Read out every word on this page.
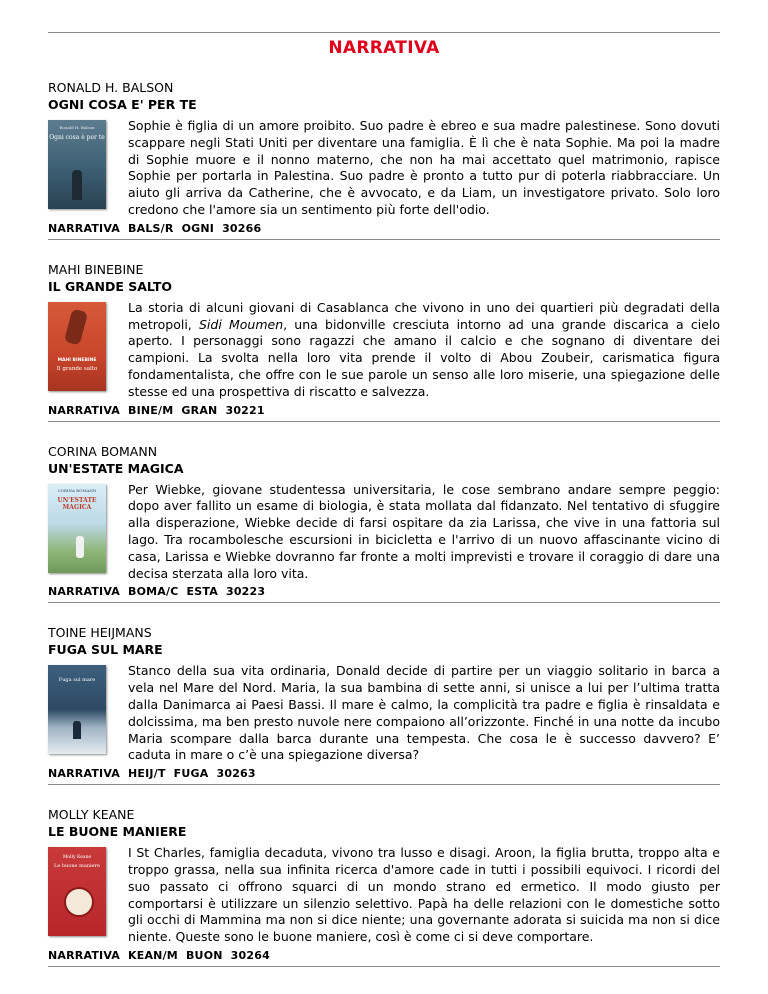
NARRATIVA
RONALD H. BALSON
OGNI COSA E' PER TE
Ronald H. Balson
Ogni cosa è per te
Sophie è figlia di un amore proibito. Suo padre è ebreo e sua madre palestinese. Sono dovuti scappare negli Stati Uniti per diventare una famiglia. È lì che è nata Sophie. Ma poi la madre di Sophie muore e il nonno materno, che non ha mai accettato quel matrimonio, rapisce Sophie per portarla in Palestina. Suo padre è pronto a tutto pur di poterla riabbracciare. Un aiuto gli arriva da Catherine, che è avvocato, e da Liam, un investigatore privato. Solo loro credono che l'amore sia un sentimento più forte dell'odio.
NARRATIVA BALS/R OGNI 30266
MAHI BINEBINE
IL GRANDE SALTO
MAHI BINEBINE
Il grande salto
La storia di alcuni giovani di Casablanca che vivono in uno dei quartieri più degradati della metropoli, Sidi Moumen, una bidonville cresciuta intorno ad una grande discarica a cielo aperto. I personaggi sono ragazzi che amano il calcio e che sognano di diventare dei campioni. La svolta nella loro vita prende il volto di Abou Zoubeir, carismatica figura fondamentalista, che offre con le sue parole un senso alle loro miserie, una spiegazione delle stesse ed una prospettiva di riscatto e salvezza.
NARRATIVA BINE/M GRAN 30221
CORINA BOMANN
UN'ESTATE MAGICA
CORINA BOMANN
UN'ESTATE MAGICA
Per Wiebke, giovane studentessa universitaria, le cose sembrano andare sempre peggio: dopo aver fallito un esame di biologia, è stata mollata dal fidanzato. Nel tentativo di sfuggire alla disperazione, Wiebke decide di farsi ospitare da zia Larissa, che vive in una fattoria sul lago. Tra rocambolesche escursioni in bicicletta e l'arrivo di un nuovo affascinante vicino di casa, Larissa e Wiebke dovranno far fronte a molti imprevisti e trovare il coraggio di dare una decisa sterzata alla loro vita.
NARRATIVA BOMA/C ESTA 30223
TOINE HEIJMANS
FUGA SUL MARE
Fuga sul mare
Stanco della sua vita ordinaria, Donald decide di partire per un viaggio solitario in barca a vela nel Mare del Nord. Maria, la sua bambina di sette anni, si unisce a lui per l’ultima tratta dalla Danimarca ai Paesi Bassi. Il mare è calmo, la complicità tra padre e figlia è rinsaldata e dolcissima, ma ben presto nuvole nere compaiono all’orizzonte. Finché in una notte da incubo Maria scompare dalla barca durante una tempesta. Che cosa le è successo davvero? E’ caduta in mare o c’è una spiegazione diversa?
NARRATIVA HEIJ/T FUGA 30263
MOLLY KEANE
LE BUONE MANIERE
Molly Keane
Le buone maniere
I St Charles, famiglia decaduta, vivono tra lusso e disagi. Aroon, la figlia brutta, troppo alta e troppo grassa, nella sua infinita ricerca d'amore cade in tutti i possibili equivoci. I ricordi del suo passato ci offrono squarci di un mondo strano ed ermetico. Il modo giusto per comportarsi è utilizzare un silenzio selettivo. Papà ha delle relazioni con le domestiche sotto gli occhi di Mammina ma non si dice niente; una governante adorata si suicida ma non si dice niente. Queste sono le buone maniere, così è come ci si deve comportare.
NARRATIVA KEAN/M BUON 30264
